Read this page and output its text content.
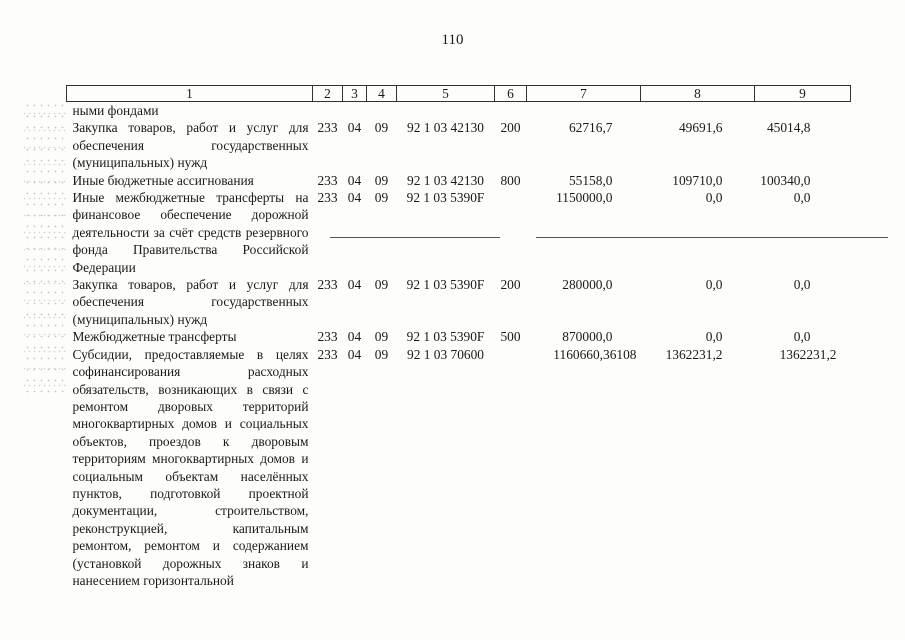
110
1	2	3	4	5	6	7	8	9
ными фондами								
Закупка товаров, работ и услуг для обеспечения государственных (муниципальных) нужд	233	04	09	92 1 03 42130	200	62716,7	49691,6	45014,8
Иные бюджетные ассигнования	233	04	09	92 1 03 42130	800	55158,0	109710,0	100340,0
Иные межбюджетные трансферты на финансовое обеспечение дорожной деятельности за счёт средств резервного фонда Правительства Российской Федерации	233	04	09	92 1 03 5390F		1150000,0	0,0	0,0
Закупка товаров, работ и услуг для обеспечения государственных (муниципальных) нужд	233	04	09	92 1 03 5390F	200	280000,0	0,0	0,0
Межбюджетные трансферты	233	04	09	92 1 03 5390F	500	870000,0	0,0	0,0
Субсидии, предоставляемые в целях софинансирования расходных обязательств, возникающих в связи с ремонтом дворовых территорий многоквартирных домов и социальных объектов, проездов к дворовым территориям многоквартирных домов и социальным объектам населённых пунктов, подготовкой проектной документации, строительством, реконструкцией, капитальным ремонтом, ремонтом и содержанием (установкой дорожных знаков и нанесением горизонтальной	233	04	09	92 1 03 70600		1160660,36108	1362231,2	1362231,2
